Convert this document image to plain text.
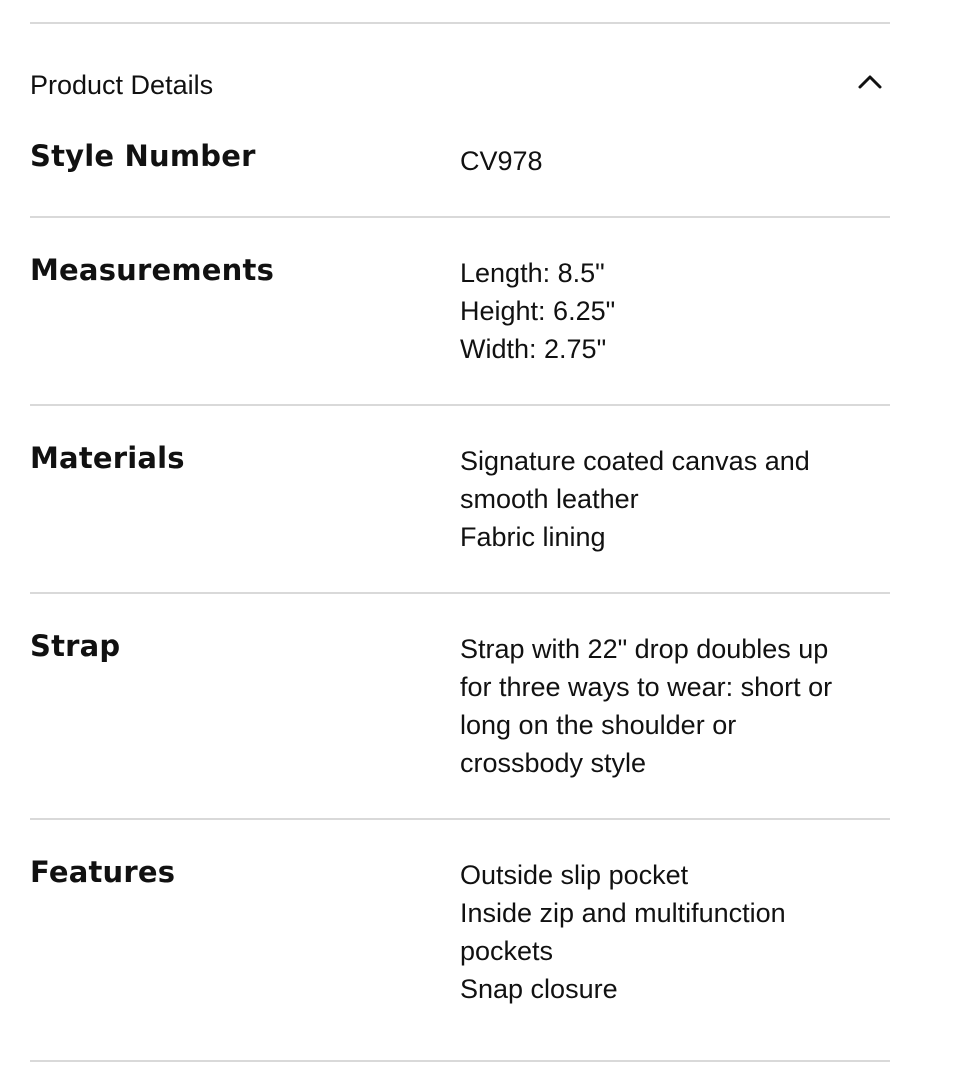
Product Details
Style Number	CV978
Measurements	Length: 8.5"
Height: 6.25"
Width: 2.75"
Materials	Signature coated canvas and
smooth leather
Fabric lining
Strap	Strap with 22" drop doubles up
for three ways to wear: short or
long on the shoulder or
crossbody style
Features	Outside slip pocket
Inside zip and multifunction
pockets
Snap closure
